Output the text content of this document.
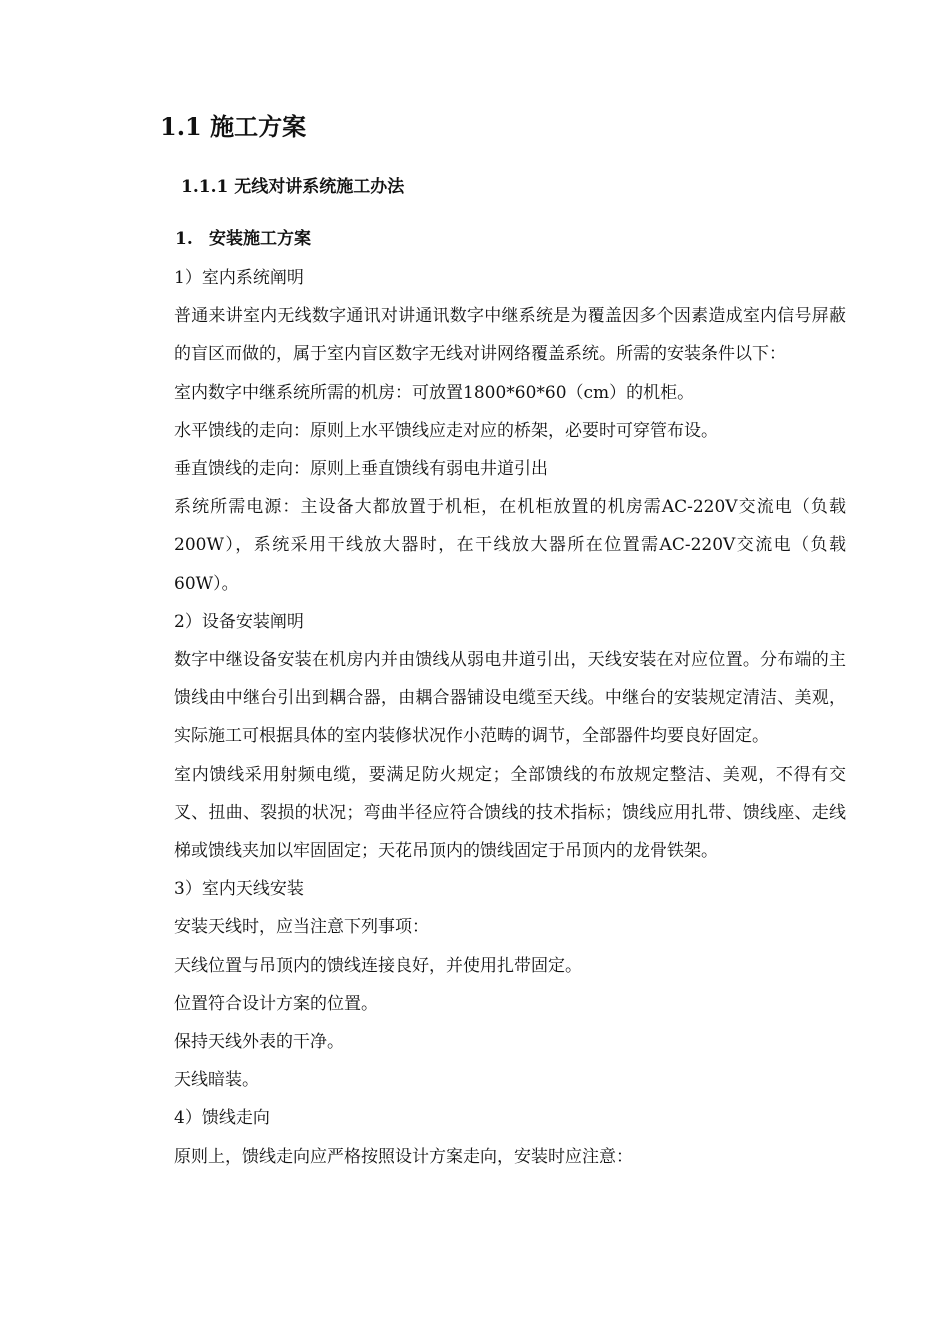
1.1 施工方案
1.1.1 无线对讲系统施工办法
1. 安装施工方案

1）室内系统阐明

普通来讲室内无线数字通讯对讲通讯数字中继系统是为覆盖因多个因素造成室内信号屏蔽的盲区而做的，属于室内盲区数字无线对讲网络覆盖系统。所需的安装条件以下：

室内数字中继系统所需的机房：可放置1800*60*60（cm）的机柜。

水平馈线的走向：原则上水平馈线应走对应的桥架，必要时可穿管布设。

垂直馈线的走向：原则上垂直馈线有弱电井道引出

系统所需电源：主设备大都放置于机柜，在机柜放置的机房需AC-220V交流电（负载200W），系统采用干线放大器时，在干线放大器所在位置需AC-220V交流电（负载60W）。

2）设备安装阐明

数字中继设备安装在机房内并由馈线从弱电井道引出，天线安装在对应位置。分布端的主馈线由中继台引出到耦合器，由耦合器铺设电缆至天线。中继台的安装规定清洁、美观，实际施工可根据具体的室内装修状况作小范畴的调节，全部器件均要良好固定。

室内馈线采用射频电缆，要满足防火规定；全部馈线的布放规定整洁、美观，不得有交叉、扭曲、裂损的状况；弯曲半径应符合馈线的技术指标；馈线应用扎带、馈线座、走线梯或馈线夹加以牢固固定；天花吊顶内的馈线固定于吊顶内的龙骨铁架。

3）室内天线安装

安装天线时，应当注意下列事项：

天线位置与吊顶内的馈线连接良好，并使用扎带固定。

位置符合设计方案的位置。

保持天线外表的干净。

天线暗装。

4）馈线走向

原则上，馈线走向应严格按照设计方案走向，安装时应注意：
